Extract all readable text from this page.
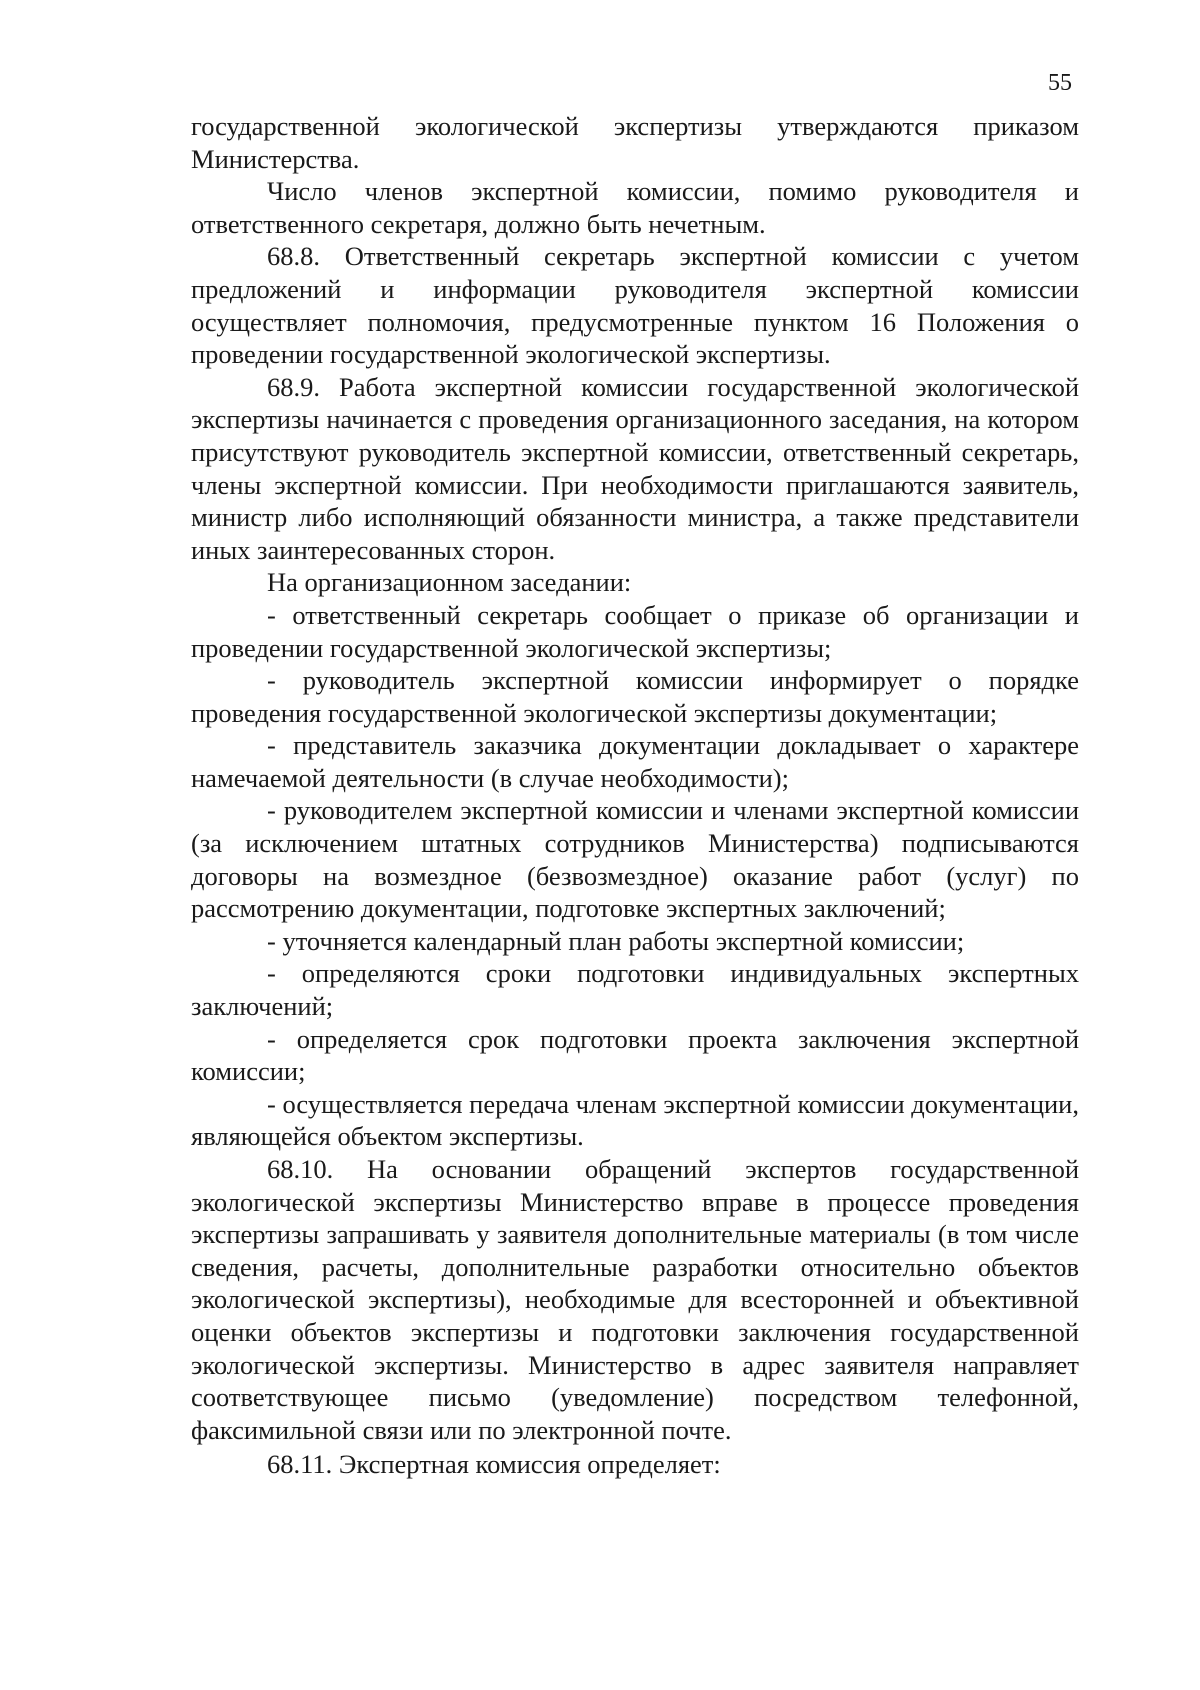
55

государственной экологической экспертизы утверждаются приказом Министерства.

Число членов экспертной комиссии, помимо руководителя и ответственного секретаря, должно быть нечетным.

68.8. Ответственный секретарь экспертной комиссии с учетом предложений и информации руководителя экспертной комиссии осуществляет полномочия, предусмотренные пунктом 16 Положения о проведении государственной экологической экспертизы.

68.9. Работа экспертной комиссии государственной экологической экспертизы начинается с проведения организационного заседания, на котором присутствуют руководитель экспертной комиссии, ответственный секретарь, члены экспертной комиссии. При необходимости приглашаются заявитель, министр либо исполняющий обязанности министра, а также представители иных заинтересованных сторон.

На организационном заседании:

- ответственный секретарь сообщает о приказе об организации и проведении государственной экологической экспертизы;

- руководитель экспертной комиссии информирует о порядке проведения государственной экологической экспертизы документации;

- представитель заказчика документации докладывает о характере намечаемой деятельности (в случае необходимости);

- руководителем экспертной комиссии и членами экспертной комиссии (за исключением штатных сотрудников Министерства) подписываются договоры на возмездное (безвозмездное) оказание работ (услуг) по рассмотрению документации, подготовке экспертных заключений;

- уточняется календарный план работы экспертной комиссии;

- определяются сроки подготовки индивидуальных экспертных заключений;

- определяется срок подготовки проекта заключения экспертной комиссии;

- осуществляется передача членам экспертной комиссии документации, являющейся объектом экспертизы.

68.10. На основании обращений экспертов государственной экологической экспертизы Министерство вправе в процессе проведения экспертизы запрашивать у заявителя дополнительные материалы (в том числе сведения, расчеты, дополнительные разработки относительно объектов экологической экспертизы), необходимые для всесторонней и объективной оценки объектов экспертизы и подготовки заключения государственной экологической экспертизы. Министерство в адрес заявителя направляет соответствующее письмо (уведомление) посредством телефонной, факсимильной связи или по электронной почте.

68.11. Экспертная комиссия определяет:
